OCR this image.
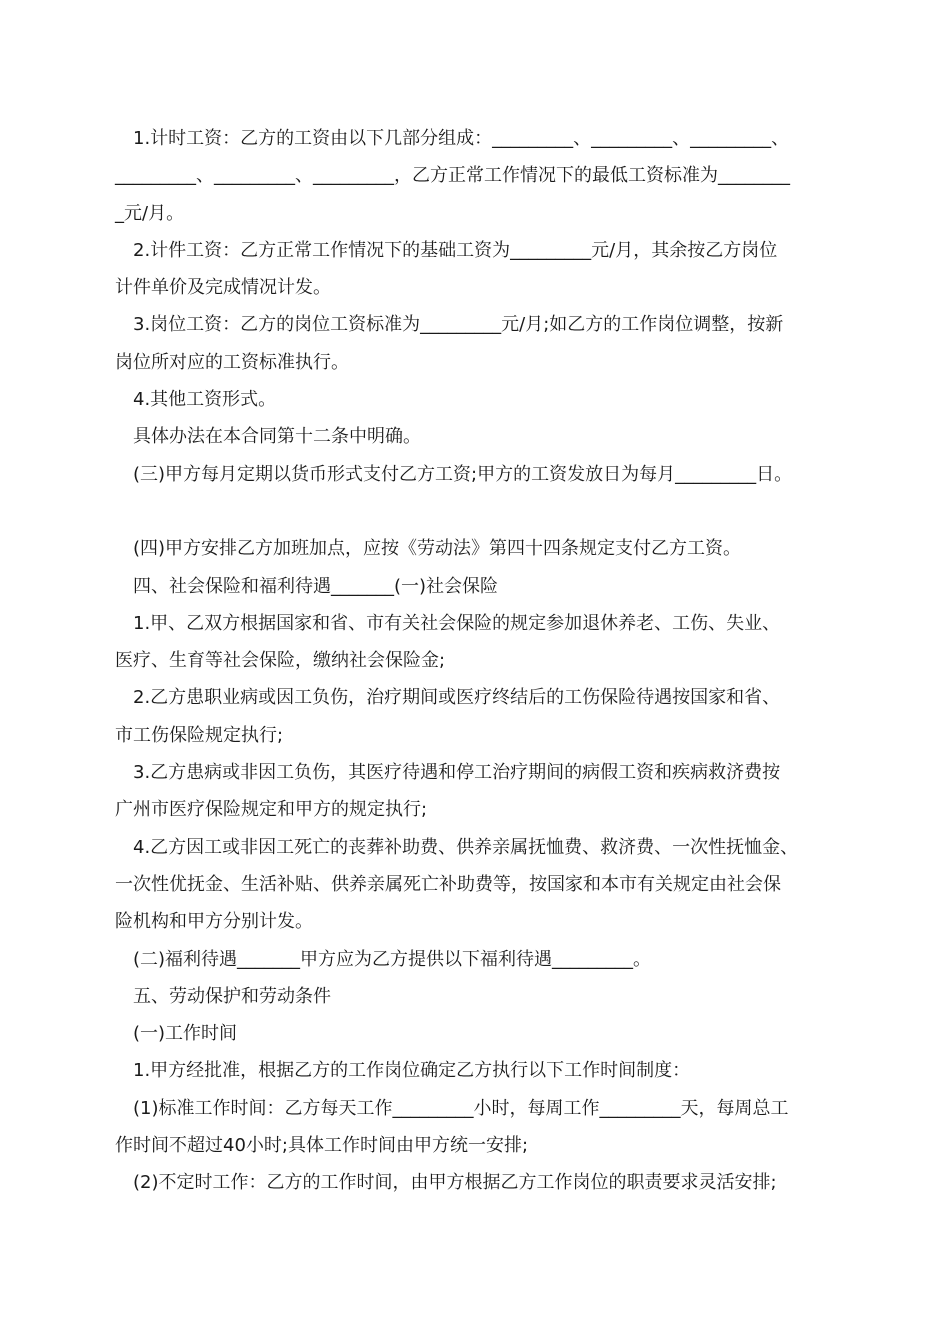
1.计时工资：乙方的工资由以下几部分组成：_________、_________、_________、
_________、_________、_________，乙方正常工作情况下的最低工资标准为________
_元/月。
2.计件工资：乙方正常工作情况下的基础工资为_________元/月，其余按乙方岗位
计件单价及完成情况计发。
3.岗位工资：乙方的岗位工资标准为_________元/月;如乙方的工作岗位调整，按新
岗位所对应的工资标准执行。
4.其他工资形式。
具体办法在本合同第十二条中明确。
(三)甲方每月定期以货币形式支付乙方工资;甲方的工资发放日为每月_________日。
(四)甲方安排乙方加班加点，应按《劳动法》第四十四条规定支付乙方工资。
四、社会保险和福利待遇_______(一)社会保险
1.甲、乙双方根据国家和省、市有关社会保险的规定参加退休养老、工伤、失业、
医疗、生育等社会保险，缴纳社会保险金;
2.乙方患职业病或因工负伤，治疗期间或医疗终结后的工伤保险待遇按国家和省、
市工伤保险规定执行;
3.乙方患病或非因工负伤，其医疗待遇和停工治疗期间的病假工资和疾病救济费按
广州市医疗保险规定和甲方的规定执行;
4.乙方因工或非因工死亡的丧葬补助费、供养亲属抚恤费、救济费、一次性抚恤金、
一次性优抚金、生活补贴、供养亲属死亡补助费等，按国家和本市有关规定由社会保
险机构和甲方分别计发。
(二)福利待遇_______甲方应为乙方提供以下福利待遇_________。
五、劳动保护和劳动条件
(一)工作时间
1.甲方经批准，根据乙方的工作岗位确定乙方执行以下工作时间制度：
(1)标准工作时间：乙方每天工作_________小时，每周工作_________天，每周总工
作时间不超过40小时;具体工作时间由甲方统一安排;
(2)不定时工作：乙方的工作时间，由甲方根据乙方工作岗位的职责要求灵活安排;
